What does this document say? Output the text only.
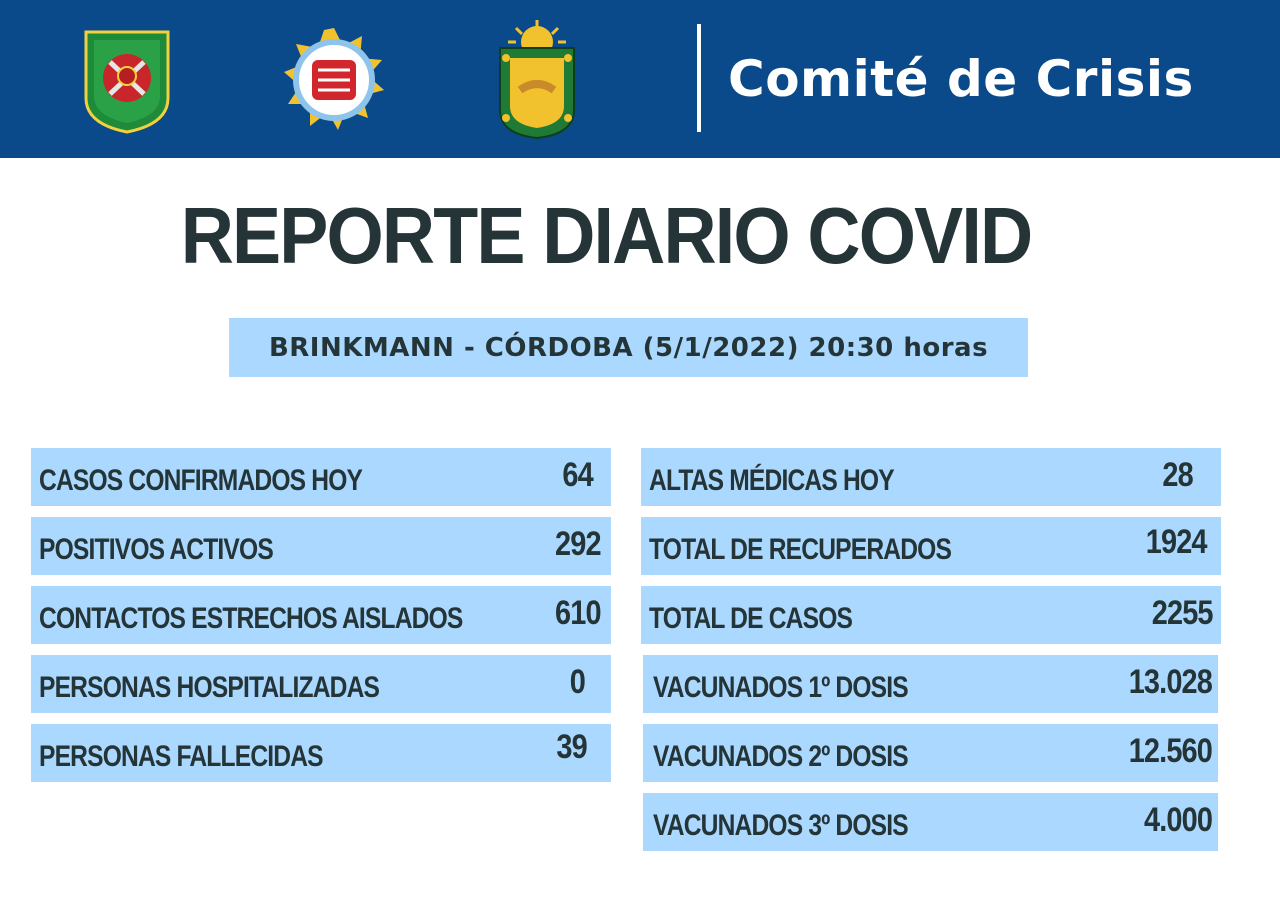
Comité de Crisis
REPORTE DIARIO COVID
BRINKMANN - CÓRDOBA (5/1/2022) 20:30 horas
CASOS CONFIRMADOS HOY	64
POSITIVOS ACTIVOS	292
CONTACTOS ESTRECHOS AISLADOS	610
PERSONAS HOSPITALIZADAS	0
PERSONAS FALLECIDAS	39
ALTAS MÉDICAS HOY	28
TOTAL DE RECUPERADOS	1924
TOTAL DE CASOS	2255
VACUNADOS 1º DOSIS	13.028
VACUNADOS 2º DOSIS	12.560
VACUNADOS 3º DOSIS	4.000
